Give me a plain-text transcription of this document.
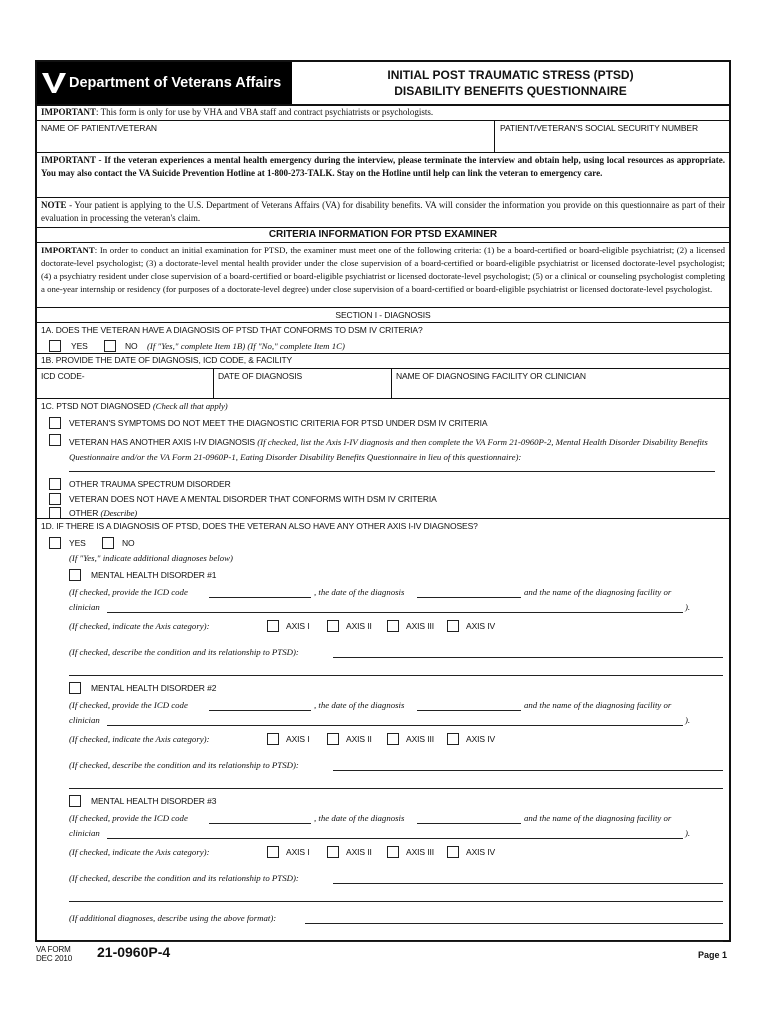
Department of Veterans Affairs	INITIAL POST TRAUMATIC STRESS (PTSD)
DISABILITY BENEFITS QUESTIONNAIRE
IMPORTANT: This form is only for use by VHA and VBA staff and contract psychiatrists or psychologists.
NAME OF PATIENT/VETERAN	PATIENT/VETERAN'S SOCIAL SECURITY NUMBER
IMPORTANT - If the veteran experiences a mental health emergency during the interview, please terminate the interview and obtain help, using local resources as appropriate. You may also contact the VA Suicide Prevention Hotline at 1-800-273-TALK. Stay on the Hotline until help can link the veteran to emergency care.
NOTE - Your patient is applying to the U.S. Department of Veterans Affairs (VA) for disability benefits. VA will consider the information you provide on this questionnaire as part of their evaluation in processing the veteran's claim.
CRITERIA INFORMATION FOR PTSD EXAMINER
IMPORTANT: In order to conduct an initial examination for PTSD, the examiner must meet one of the following criteria: (1) be a board-certified or board-eligible psychiatrist; (2) a licensed doctorate-level psychologist; (3) a doctorate-level mental health provider under the close supervision of a board-certified or board-eligible psychiatrist or licensed doctorate-level psychologist; (4) a psychiatry resident under close supervision of a board-certified or board-eligible psychiatrist or licensed doctorate-level psychologist; (5) or a clinical or counseling psychologist completing a one-year internship or residency (for purposes of a doctorate-level degree) under close supervision of a board-certified or board-eligible psychiatrist or licensed doctorate-level psychologist.
SECTION I - DIAGNOSIS
1A. DOES THE VETERAN HAVE A DIAGNOSIS OF PTSD THAT CONFORMS TO DSM IV CRITERIA?
YES	NO (If "Yes," complete Item 1B) (If "No," complete Item 1C)
1B. PROVIDE THE DATE OF DIAGNOSIS, ICD CODE, & FACILITY
ICD CODE-	DATE OF DIAGNOSIS	NAME OF DIAGNOSING FACILITY OR CLINICIAN
1C. PTSD NOT DIAGNOSED (Check all that apply)
VETERAN'S SYMPTOMS DO NOT MEET THE DIAGNOSTIC CRITERIA FOR PTSD UNDER DSM IV CRITERIA
VETERAN HAS ANOTHER AXIS I-IV DIAGNOSIS (If checked, list the Axis I-IV diagnosis and then complete the VA Form 21-0960P-2, Mental Health Disorder Disability Benefits Questionnaire and/or the VA Form 21-0960P-1, Eating Disorder Disability Benefits Questionnaire in lieu of this questionnaire):
OTHER TRAUMA SPECTRUM DISORDER
VETERAN DOES NOT HAVE A MENTAL DISORDER THAT CONFORMS WITH DSM IV CRITERIA
OTHER (Describe)
1D. IF THERE IS A DIAGNOSIS OF PTSD, DOES THE VETERAN ALSO HAVE ANY OTHER AXIS I-IV DIAGNOSES?
YES	NO
(If "Yes," indicate additional diagnoses below)
(If additional diagnoses, describe using the above format):
MENTAL HEALTH DISORDER #1
(If checked, provide the ICD code	, the date of the diagnosis	and the name of the diagnosing facility or
clinician	).
(If checked, indicate the Axis category):	AXIS I	AXIS II	AXIS III	AXIS IV
(If checked, describe the condition and its relationship to PTSD):
MENTAL HEALTH DISORDER #2
(If checked, provide the ICD code	, the date of the diagnosis	and the name of the diagnosing facility or
clinician	).
(If checked, indicate the Axis category):	AXIS I	AXIS II	AXIS III	AXIS IV
(If checked, describe the condition and its relationship to PTSD):
MENTAL HEALTH DISORDER #3
(If checked, provide the ICD code	, the date of the diagnosis	and the name of the diagnosing facility or
clinician	).
(If checked, indicate the Axis category):	AXIS I	AXIS II	AXIS III	AXIS IV
(If checked, describe the condition and its relationship to PTSD):
VA FORM
DEC 2010 21-0960P-4	Page 1
